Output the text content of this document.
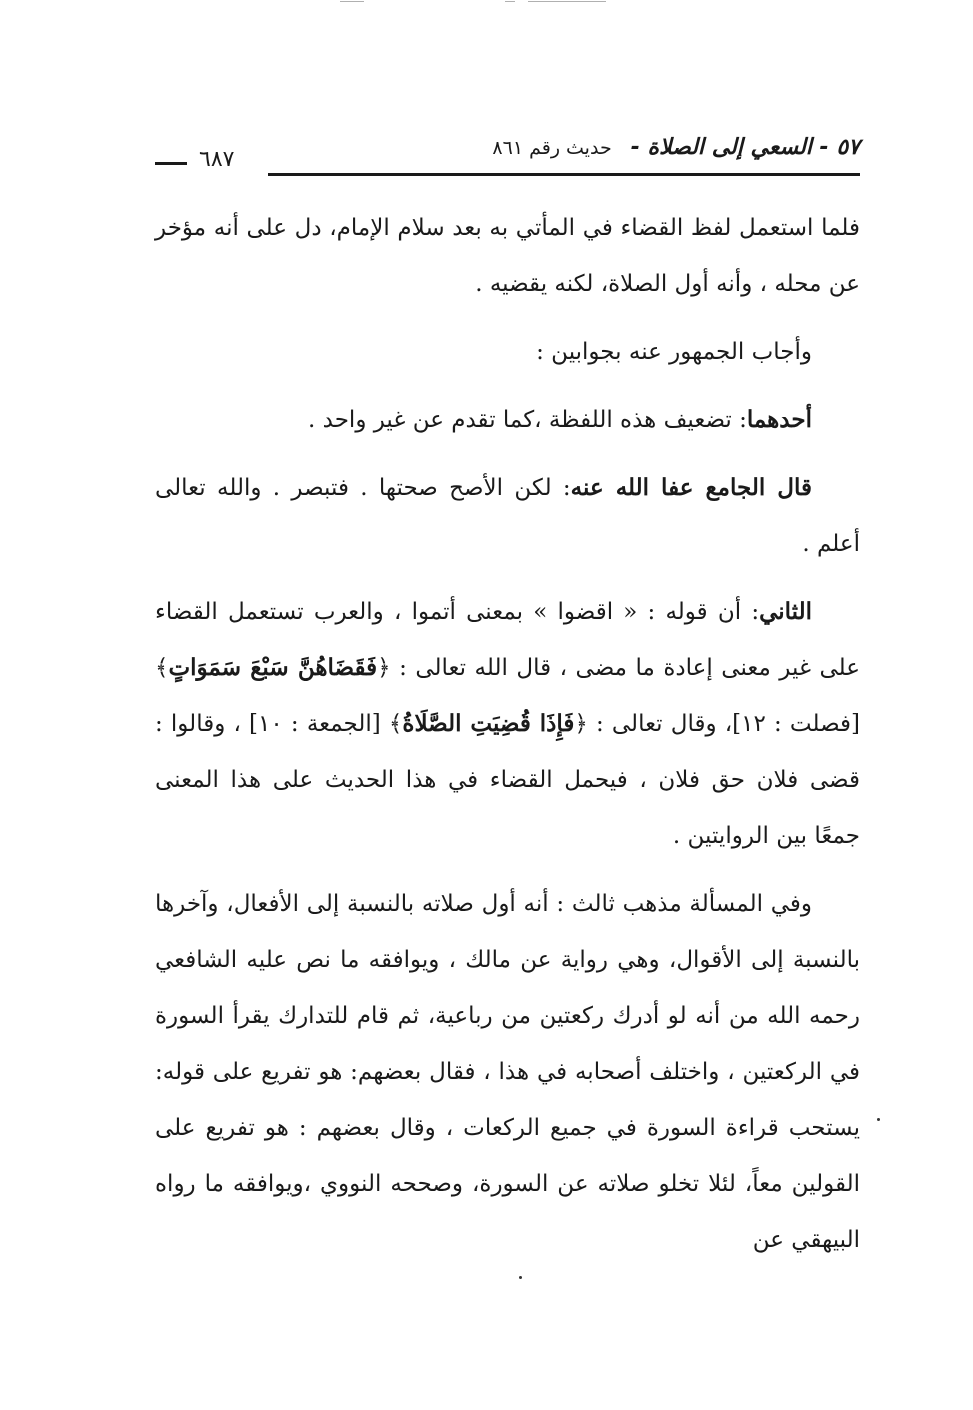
٥٧ - السعي إلى الصلاة - حديث رقم ٨٦١
٦٨٧

فلما استعمل لفظ القضاء في المأتي به بعد سلام الإمام، دل على أنه مؤخر عن محله ، وأنه أول الصلاة، لكنه يقضيه .

وأجاب الجمهور عنه بجوابين :

أحدهما: تضعيف هذه اللفظة ،كما تقدم عن غير واحد .

قال الجامع عفا الله عنه: لكن الأصح صحتها . فتبصر . والله تعالى أعلم .

الثاني: أن قوله : « اقضوا » بمعنى أتموا ، والعرب تستعمل القضاء على غير معنى إعادة ما مضى ، قال الله تعالى : ﴿فَقَضَاهُنَّ سَبْعَ سَمَوَاتٍ﴾ [فصلت : ١٢]، وقال تعالى : ﴿فَإِذَا قُضِيَتِ الصَّلَاةُ﴾ [الجمعة : ١٠] ، وقالوا : قضى فلان حق فلان ، فيحمل القضاء في هذا الحديث على هذا المعنى جمعًا بين الروايتين .

وفي المسألة مذهب ثالث : أنه أول صلاته بالنسبة إلى الأفعال، وآخرها بالنسبة إلى الأقوال، وهي رواية عن مالك ، ويوافقه ما نص عليه الشافعي رحمه الله من أنه لو أدرك ركعتين من رباعية، ثم قام للتدارك يقرأ السورة في الركعتين ، واختلف أصحابه في هذا ، فقال بعضهم: هو تفريع على قوله: يستحب قراءة السورة في جميع الركعات ، وقال بعضهم : هو تفريع على القولين معاً، لئلا تخلو صلاته عن السورة، وصححه النووي ،ويوافقه ما رواه البيهقي عن
